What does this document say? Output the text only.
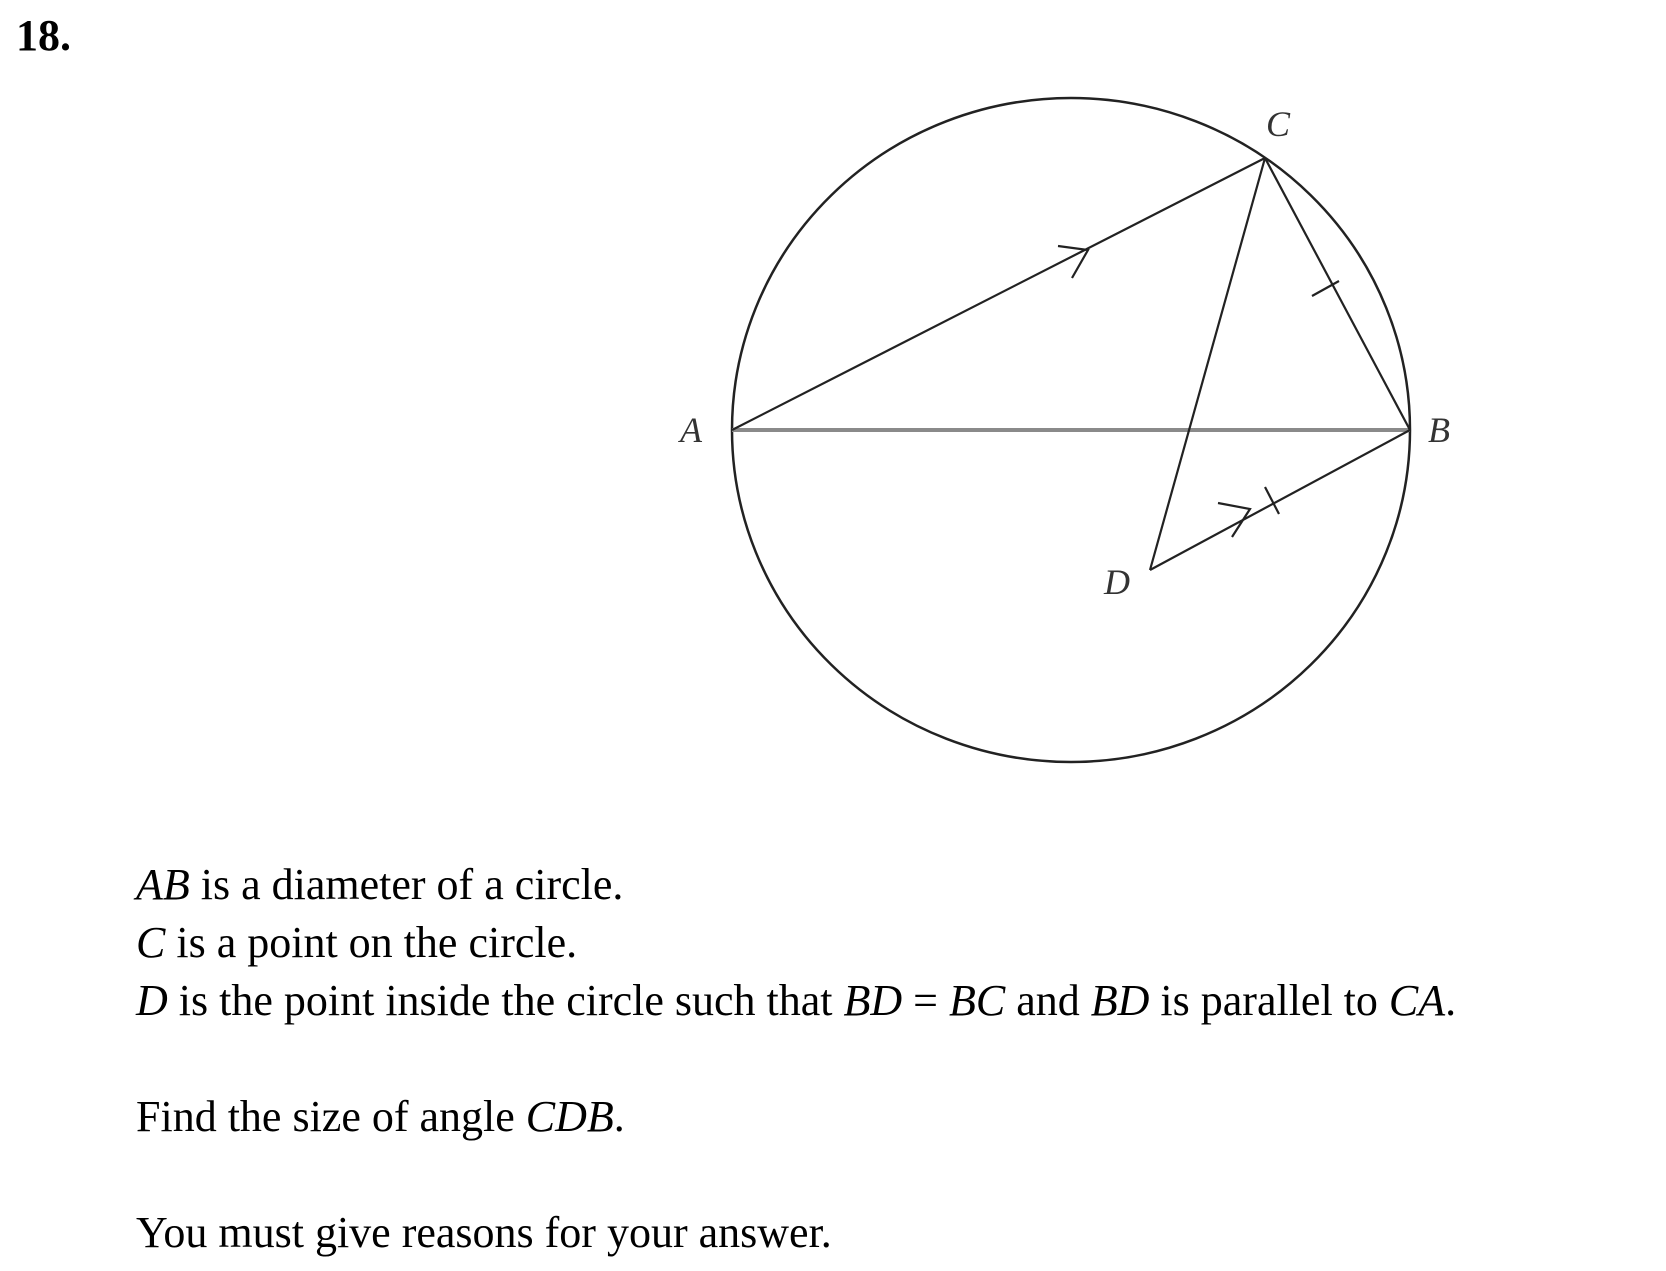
18.
A	B
C
D
AB is a diameter of a circle.
C is a point on the circle.
D is the point inside the circle such that BD = BC and BD is parallel to CA.
Find the size of angle CDB.
You must give reasons for your answer.
